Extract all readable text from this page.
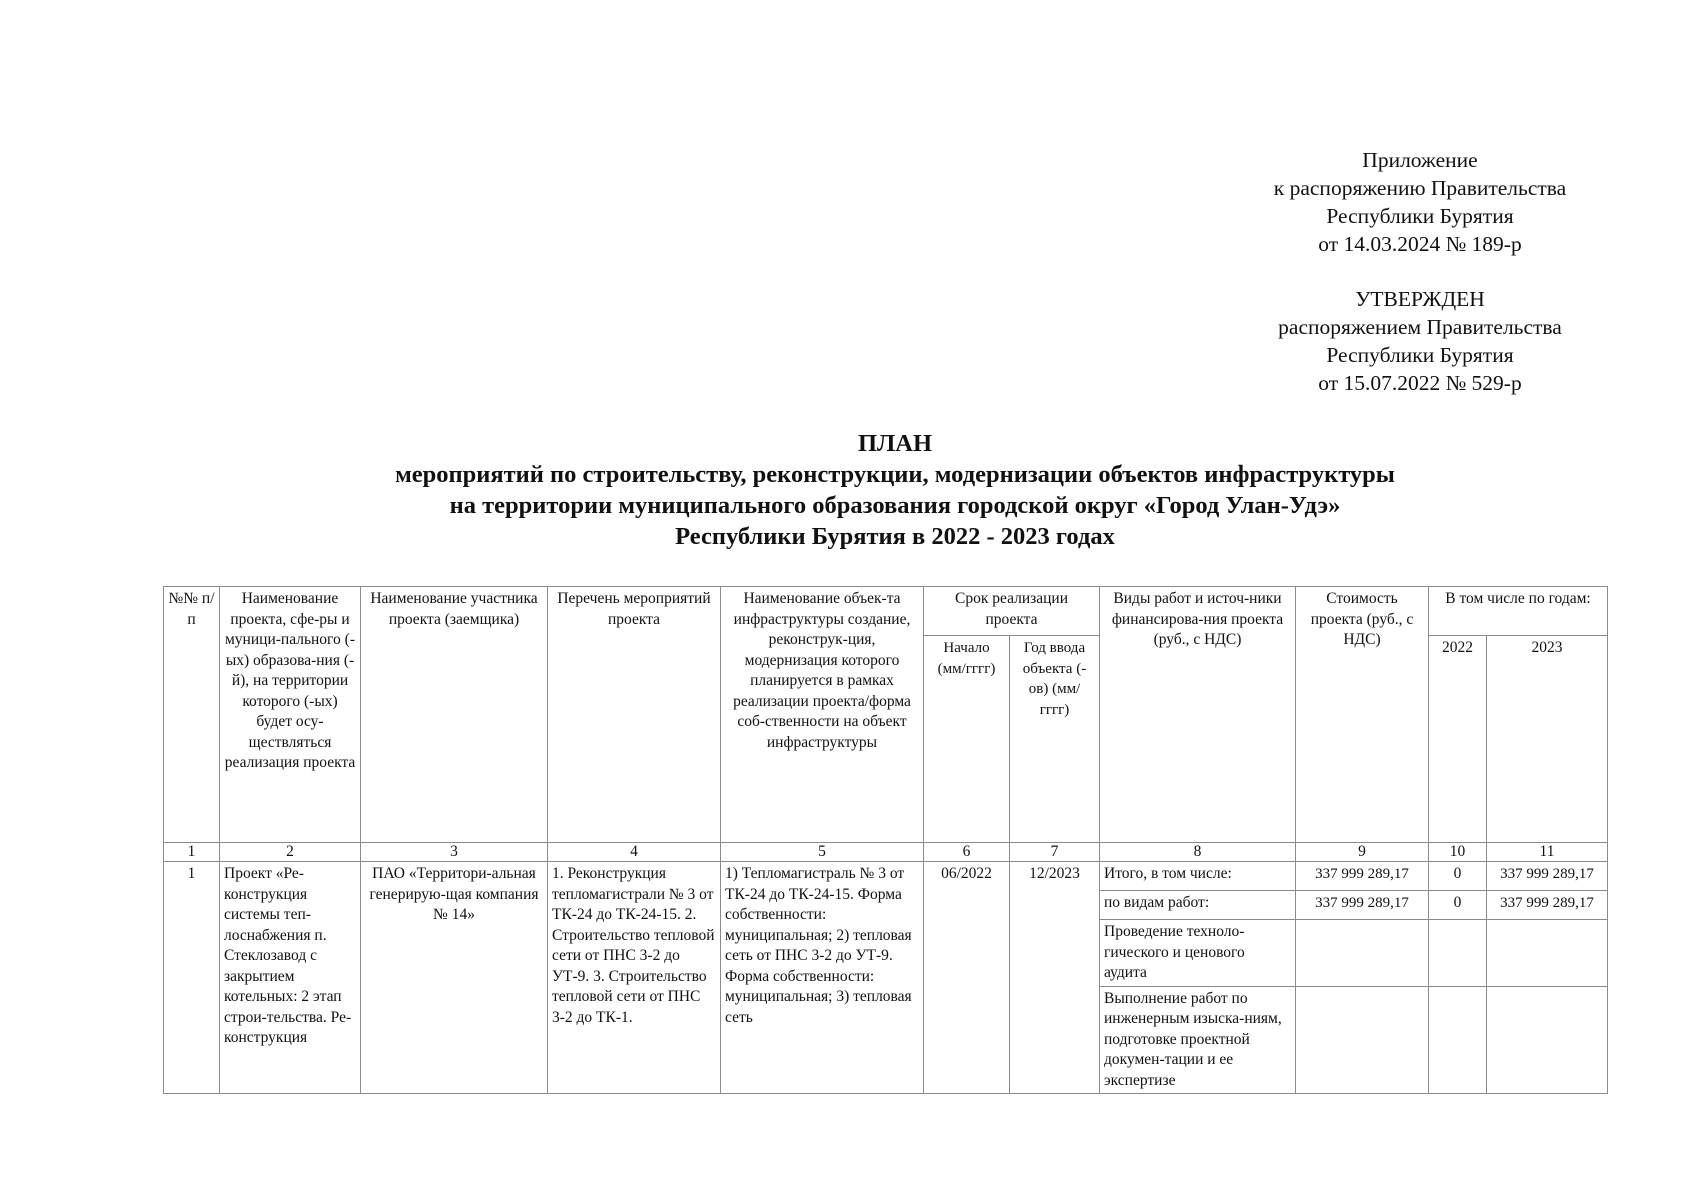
Приложение
к распоряжению Правительства
Республики Бурятия
от 14.03.2024 № 189-р
УТВЕРЖДЕН
распоряжением Правительства
Республики Бурятия
от 15.07.2022 № 529-р
ПЛАН
мероприятий по строительству, реконструкции, модернизации объектов инфраструктуры
на территории муниципального образования городской округ «Город Улан-Удэ»
Республики Бурятия в 2022 - 2023 годах
№№ п/п	Наименование проекта, сфе-ры и муници-пального (-ых) образова-ния (-й), на территории которого (-ых) будет осу-ществляться реализация проекта	Наименование участника проекта (заемщика)	Перечень мероприятий проекта	Наименование объек-та инфраструктуры создание, реконструк-ция, модернизация которого планируется в рамках реализации проекта/форма соб-ственности на объект инфраструктуры	Срок реализации проекта		Виды работ и источ-ники финансирова-ния проекта (руб., с НДС)	Стоимость проекта (руб., с НДС)	В том числе по годам:	
					Начало (мм/гггг)	Год ввода объекта (-ов) (мм/гггг)			2022	2023
1	2	3	4	5	6	7	8	9	10	11
1	Проект «Ре-конструкция системы теп-лоснабжения п. Стеклозавод с закрытием котельных: 2 этап строи-тельства. Ре-конструкция	ПАО «Территори-альная генерирую-щая компания № 14»	1. Реконструкция тепломагистрали № 3 от ТК-24 до ТК-24-15. 2. Строительство тепловой сети от ПНС 3-2 до УТ-9. 3. Строительство тепловой сети от ПНС 3-2 до ТК-1.	1) Тепломагистраль № 3 от ТК-24 до ТК-24-15. Форма собственности: муниципальная; 2) тепловая сеть от ПНС 3-2 до УТ-9. Форма собственности: муниципальная; 3) тепловая сеть	06/2022	12/2023	Итого, в том числе:	337 999 289,17	0	337 999 289,17
							по видам работ:	337 999 289,17	0	337 999 289,17
							Проведение техноло-гического и ценового аудита			
							Выполнение работ по инженерным изыска-ниям, подготовке проектной докумен-тации и ее экспертизе			
